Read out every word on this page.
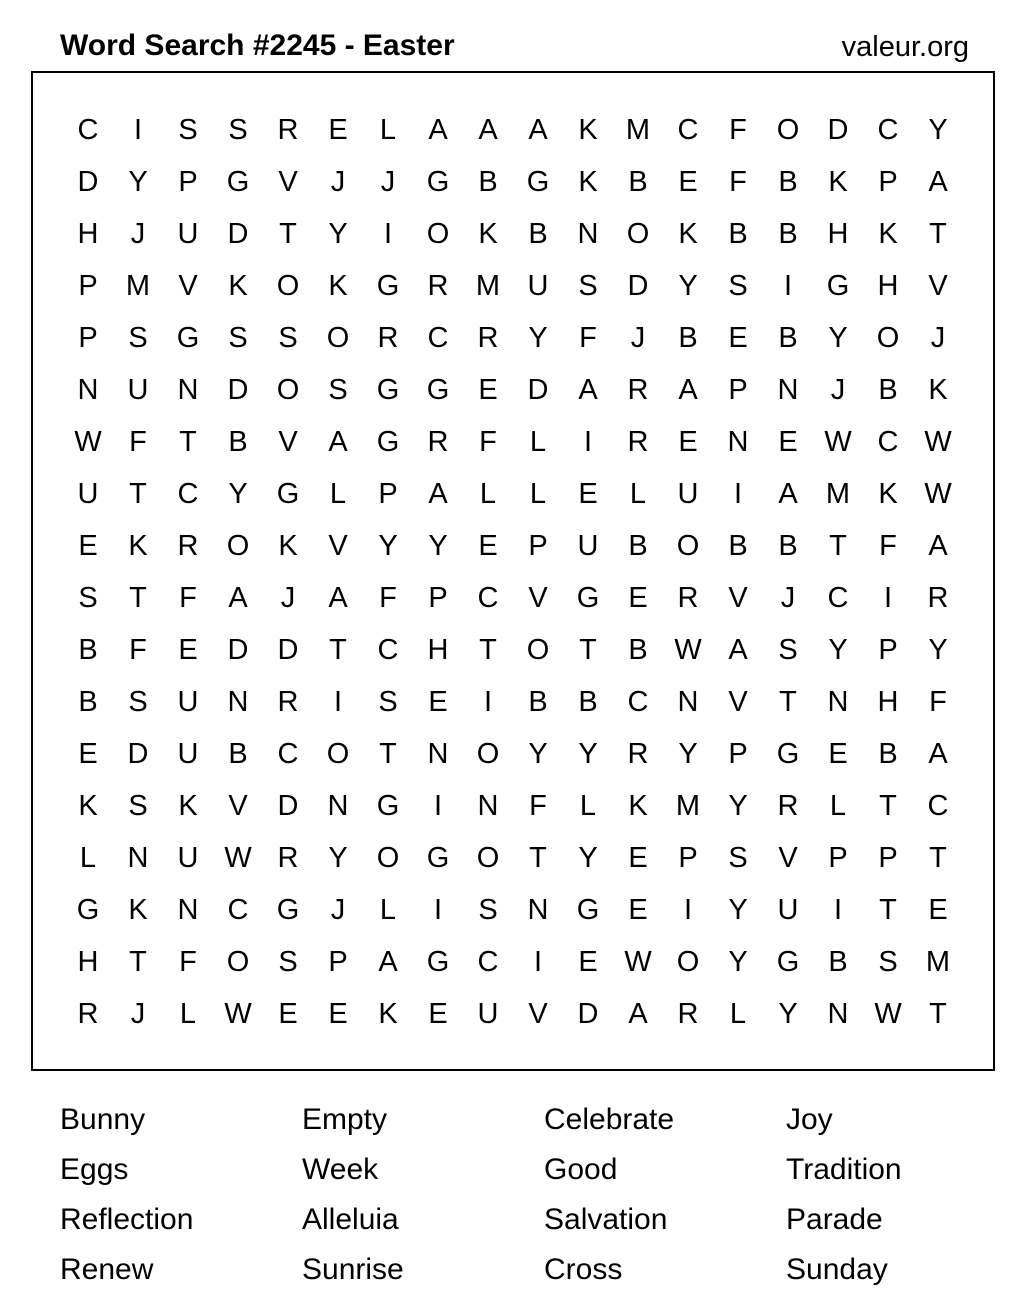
Word Search #2245 - Easter	valeur.org
C	I	S	S	R	E	L	A	A	A	K M C	F	O D	C	Y
D	Y	P	G	V	J	J	G	B	G	K	B	E	F	B	K	P	A
H	J	U	D	T	Y	I	O	K	B	N O	K	B	B	H	K	T
P M V	K	O	K	G R M U	S	D	Y	S	I	G H	V
P	S	G	S	S	O R	C	R	Y	F	J	B	E	B	Y	O	J
N	U	N	D O	S	G G	E	D	A	R	A	P	N	J	B	K
W F	T	B	V	A	G R	F	L	I	R	E	N	E W C W
U	T	C	Y	G	L	P	A	L	L	E	L	U	I	A M K W
E	K	R O	K	V	Y	Y	E	P	U	B	O	B	B	T	F	A
S	T	F	A	J	A	F	P	C	V	G	E	R	V	J	C	I	R
B	F	E	D	D	T	C	H	T	O	T	B W A	S	Y	P	Y
B	S	U	N	R	I	S	E	I	B	B	C	N	V	T	N	H	F
E	D	U	B	C O	T	N O	Y	Y	R	Y	P	G	E	B	A
K	S	K	V	D	N G	I	N	F	L	K M Y	R	L	T	C
L	N	U W R	Y	O G O	T	Y	E	P	S	V	P	P	T
G	K	N	C G	J	L	I	S	N G	E	I	Y	U	I	T	E
H	T	F	O	S	P	A	G C	I	E W O	Y	G	B	S M
R	J	L W E	E	K	E	U	V	D	A	R	L	Y	N W T
Bunny	Empty	Celebrate	Joy
Eggs	Week	Good	Tradition
Reflection	Alleluia	Salvation	Parade
Renew	Sunrise	Cross	Sunday
